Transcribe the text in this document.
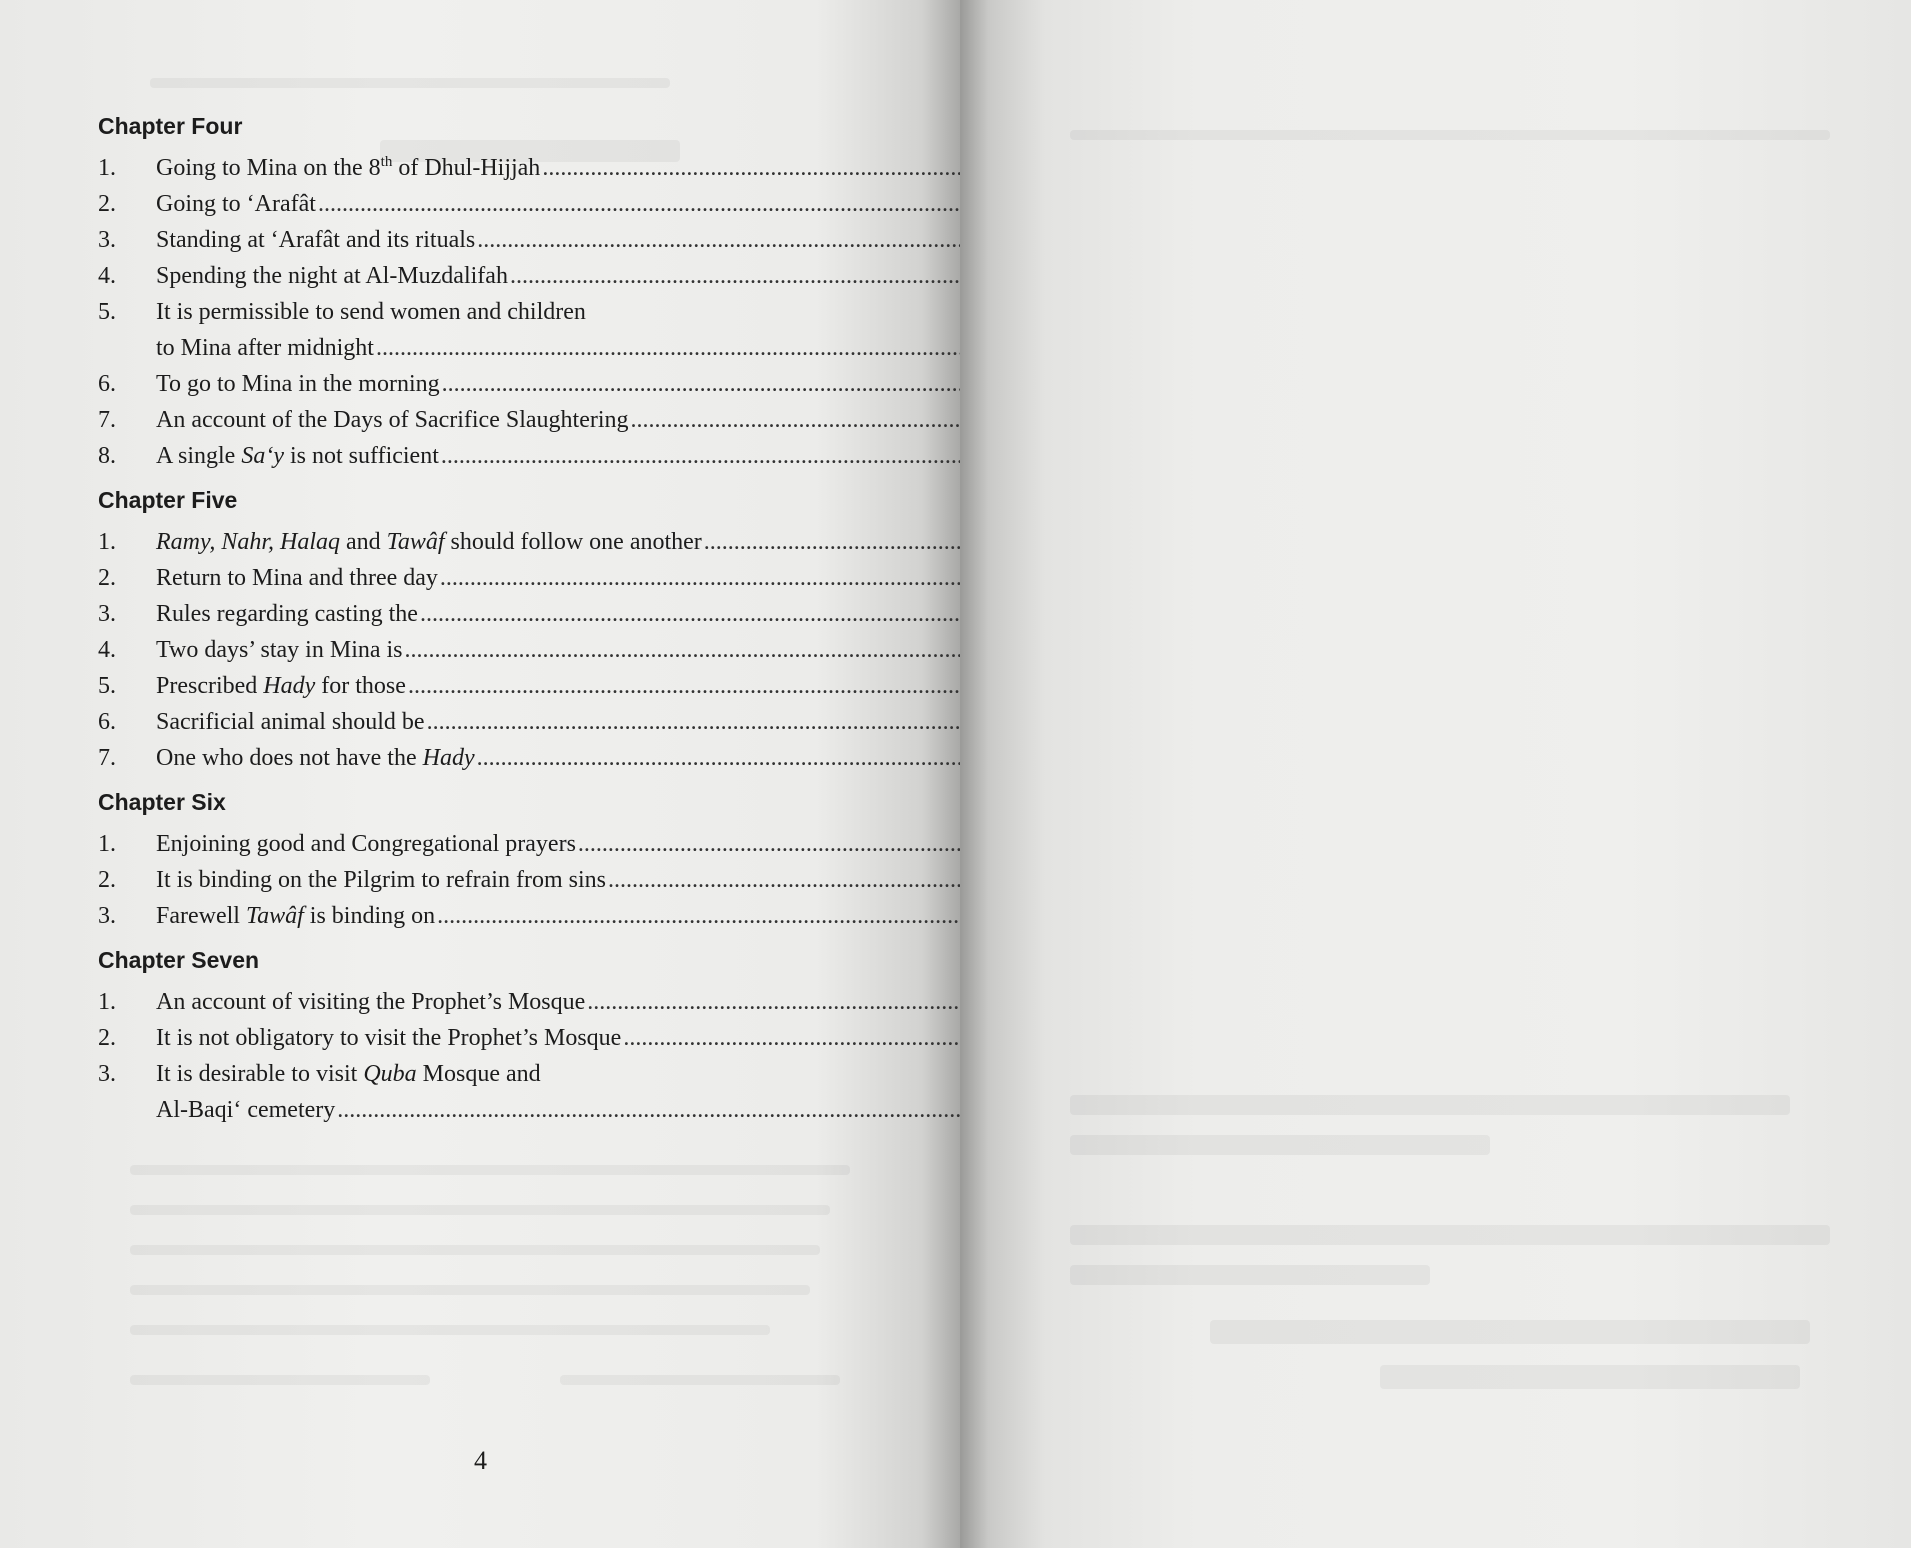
Chapter Four
1.	Going to Mina on the 8th of Dhul-Hijjah
.....
2.	Going to ‘Arafât
.....
3.	Standing at ‘Arafât and its rituals
.....
4.	Spending the night at Al-Muzdalifah
.....
5.	It is permissible to send women and children
to Mina after midnight
.....
6.	To go to Mina in the morning
.....
7.	An account of the Days of Sacrifice Slaughtering
.....
8.	A single Sa‘y is not sufficient
.....
Chapter Five
1.	Ramy, Nahr, Halaq and Tawâf should follow one another
.....
2.	Return to Mina and three day
.....
3.	Rules regarding casting the
.....
4.	Two days’ stay in Mina is
.....
5.	Prescribed Hady for those
.....
6.	Sacrificial animal should be
.....
7.	One who does not have the Hady
.....
Chapter Six
1.	Enjoining good and Congregational prayers
.....
2.	It is binding on the Pilgrim to refrain from sins
.....
3.	Farewell Tawâf is binding on
.....
Chapter Seven
1.	An account of visiting the Prophet’s Mosque
.....
2.	It is not obligatory to visit the Prophet’s Mosque
.....
3.	It is desirable to visit Quba Mosque and
Al-Baqi‘ cemetery
.....
4
